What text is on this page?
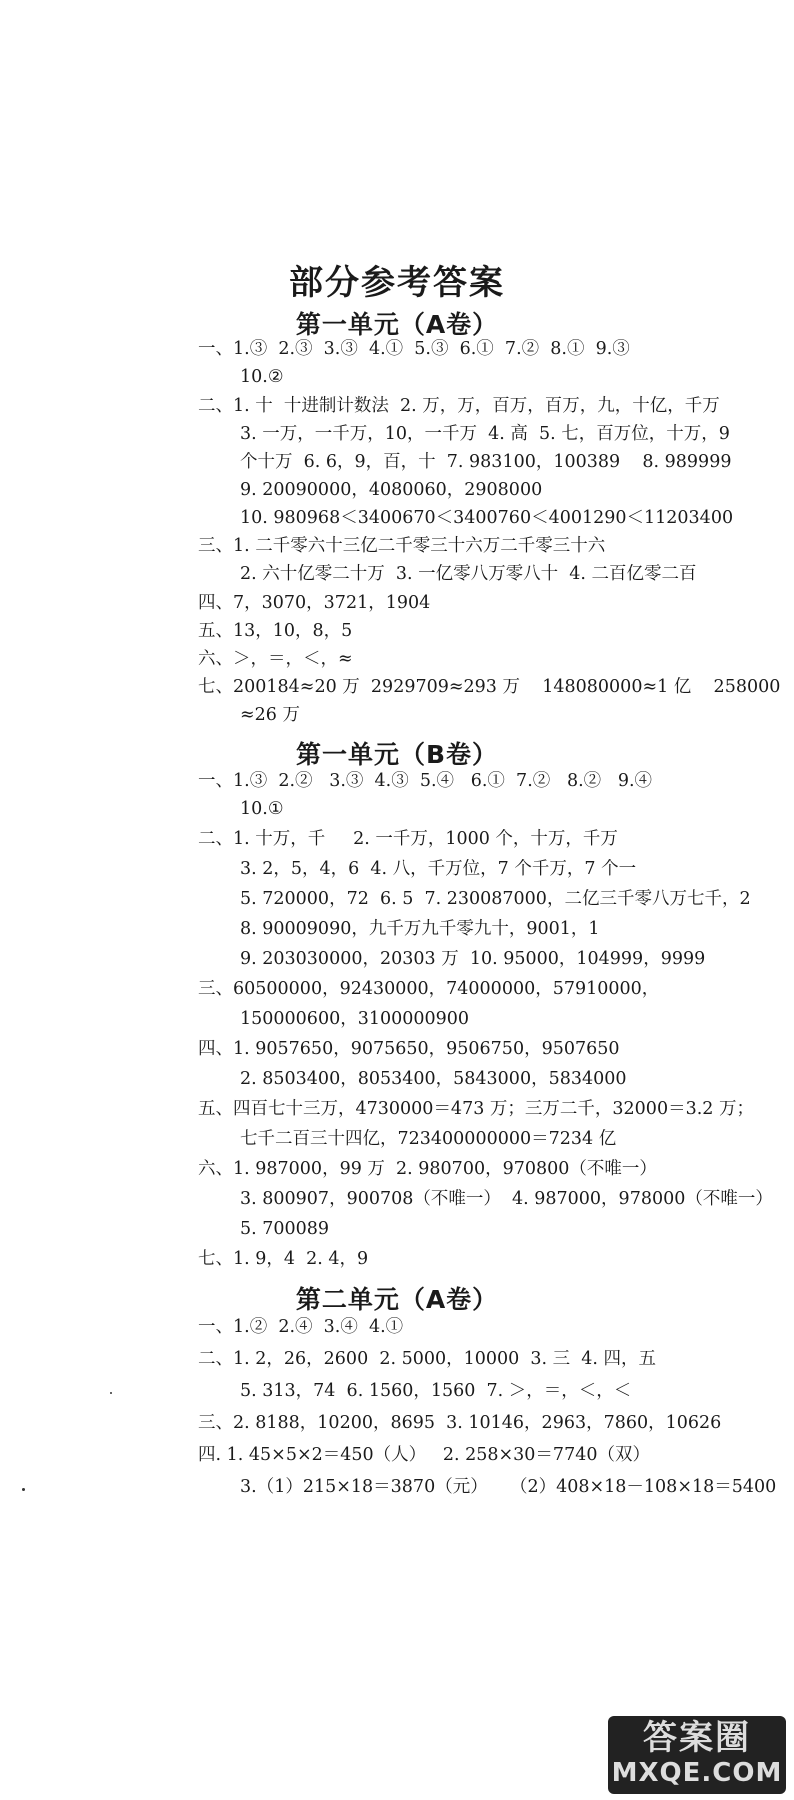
部分参考答案
第一单元（A卷）
一、1.③  2.③  3.③  4.①  5.③  6.①  7.②  8.①  9.③
10.②
二、1. 十  十进制计数法  2. 万，万，百万，百万，九，十亿，千万
3. 一万，一千万，10，一千万  4. 高  5. 七，百万位，十万，9
个十万  6. 6，9，百，十  7. 983100，100389    8. 989999
9. 20090000，4080060，2908000
10. 980968＜3400670＜3400760＜4001290＜11203400
三、1. 二千零六十三亿二千零三十六万二千零三十六
2. 六十亿零二十万  3. 一亿零八万零八十  4. 二百亿零二百
四、7，3070，3721，1904
五、13，10，8，5
六、＞，＝，＜，≈
七、200184≈20 万  2929709≈293 万    148080000≈1 亿    258000
≈26 万
第一单元（B卷）
一、1.③  2.②   3.③  4.③  5.④   6.①  7.②   8.②   9.④
10.①
二、1. 十万，千     2. 一千万，1000 个，十万，千万
3. 2，5，4，6  4. 八，千万位，7 个千万，7 个一
5. 720000，72  6. 5  7. 230087000，二亿三千零八万七千，2
8. 90009090，九千万九千零九十，9001，1
9. 203030000，20303 万  10. 95000，104999，9999
三、60500000，92430000，74000000，57910000，
150000600，3100000900
四、1. 9057650，9075650，9506750，9507650
2. 8503400，8053400，5843000，5834000
五、四百七十三万，4730000＝473 万；三万二千，32000＝3.2 万；
七千二百三十四亿，723400000000＝7234 亿
六、1. 987000，99 万  2. 980700，970800（不唯一）
3. 800907，900708（不唯一）  4. 987000，978000（不唯一）
5. 700089
七、1. 9，4  2. 4，9
第二单元（A卷）
一、1.②  2.④  3.④  4.①
二、1. 2，26，2600  2. 5000，10000  3. 三  4. 四，五
5. 313，74  6. 1560，1560  7. ＞，＝，＜，＜
三、2. 8188，10200，8695  3. 10146，2963，7860，10626
四. 1. 45×5×2＝450（人）   2. 258×30＝7740（双）
3.（1）215×18＝3870（元）    （2）408×18－108×18＝5400
答案圈
MXQE.COM
